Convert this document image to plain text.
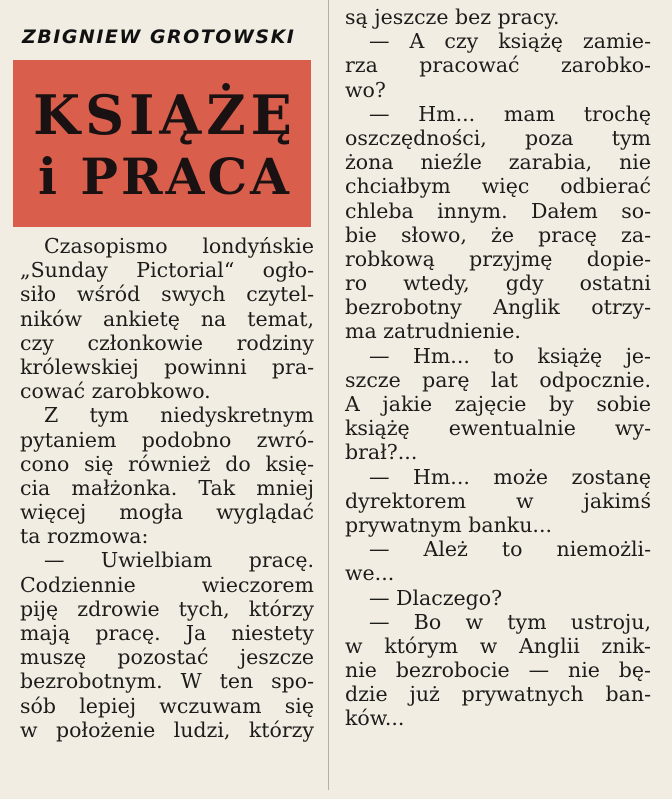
ZBIGNIEW GROTOWSKI
KSIĄŻĘ
i PRACA
Czasopismo londyńskie
„Sunday Pictorial“ ogło-
siło wśród swych czytel-
ników ankietę na temat,
czy członkowie rodziny
królewskiej powinni pra-
cować zarobkowo.
Z tym niedyskretnym
pytaniem podobno zwró-
cono się również do księ-
cia małżonka. Tak mniej
więcej mogła wyglądać
ta rozmowa:
— Uwielbiam pracę.
Codziennie wieczorem
piję zdrowie tych, którzy
mają pracę. Ja niestety
muszę pozostać jeszcze
bezrobotnym. W ten spo-
sób lepiej wczuwam się
w położenie ludzi, którzy
są jeszcze bez pracy.
— A czy książę zamie-
rza pracować zarobko-
wo?
— Hm... mam trochę
oszczędności, poza tym
żona nieźle zarabia, nie
chciałbym więc odbierać
chleba innym. Dałem so-
bie słowo, że pracę za-
robkową przyjmę dopie-
ro wtedy, gdy ostatni
bezrobotny Anglik otrzy-
ma zatrudnienie.
— Hm... to książę je-
szcze parę lat odpocznie.
A jakie zajęcie by sobie
książę ewentualnie wy-
brał?...
— Hm... może zostanę
dyrektorem w jakimś
prywatnym banku...
— Ależ to niemożli-
we...
— Dlaczego?
— Bo w tym ustroju,
w którym w Anglii znik-
nie bezrobocie — nie bę-
dzie już prywatnych ban-
ków...
